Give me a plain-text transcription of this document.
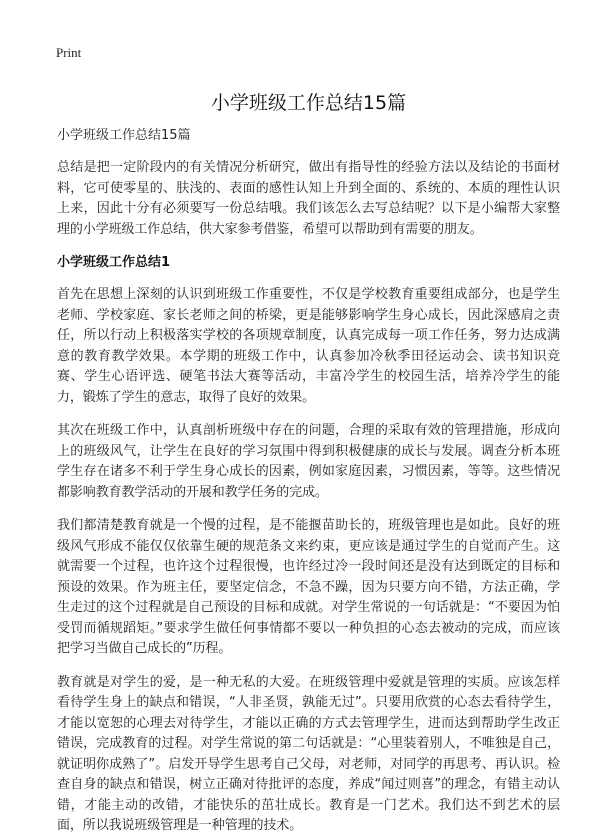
Print
小学班级工作总结15篇
小学班级工作总结15篇

总结是把一定阶段内的有关情况分析研究，做出有指导性的经验方法以及结论的书面材料，它可使零星的、肤浅的、表面的感性认知上升到全面的、系统的、本质的理性认识上来，因此十分有必须要写一份总结哦。我们该怎么去写总结呢？以下是小编帮大家整理的小学班级工作总结，供大家参考借鉴，希望可以帮助到有需要的朋友。

小学班级工作总结1

首先在思想上深刻的认识到班级工作重要性，不仅是学校教育重要组成部分，也是学生老师、学校家庭、家长老师之间的桥梁，更是能够影响学生身心成长，因此深感肩之责任，所以行动上积极落实学校的各项规章制度，认真完成每一项工作任务，努力达成满意的教育教学效果。本学期的班级工作中，认真参加冷秋季田径运动会、读书知识竞赛、学生心语评选、硬笔书法大赛等活动，丰富冷学生的校园生活，培养冷学生的能力，锻炼了学生的意志，取得了良好的效果。

其次在班级工作中，认真剖析班级中存在的问题，合理的采取有效的管理措施，形成向上的班级风气，让学生在良好的学习氛围中得到积极健康的成长与发展。调查分析本班学生存在诸多不利于学生身心成长的因素，例如家庭因素，习惯因素，等等。这些情况都影响教育教学活动的开展和教学任务的完成。

我们都清楚教育就是一个慢的过程，是不能揠苗助长的，班级管理也是如此。良好的班级风气形成不能仅仅依靠生硬的规范条文来约束，更应该是通过学生的自觉而产生。这就需要一个过程，也许这个过程很慢，也许经过冷一段时间还是没有达到既定的目标和预设的效果。作为班主任，要坚定信念，不急不躁，因为只要方向不错，方法正确，学生走过的这个过程就是自己预设的目标和成就。对学生常说的一句话就是：“不要因为怕受罚而循规蹈矩。”要求学生做任何事情都不要以一种负担的心态去被动的完成，而应该把学习当做自己成长的”历程。

教育就是对学生的爱，是一种无私的大爱。在班级管理中爱就是管理的实质。应该怎样看待学生身上的缺点和错误，“人非圣贤，孰能无过”。只要用欣赏的心态去看待学生，才能以宽恕的心理去对待学生，才能以正确的方式去管理学生，进而达到帮助学生改正错误，完成教育的过程。对学生常说的第二句话就是：“心里装着别人，不唯独是自己，就证明你成熟了”。启发开导学生思考自己父母，对老师，对同学的再思考、再认识。检查自身的缺点和错误，树立正确对待批评的态度，养成“闻过则喜”的理念，有错主动认错，才能主动的改错，才能快乐的茁壮成长。教育是一门艺术。我们达不到艺术的层面，所以我说班级管理是一种管理的技术。
